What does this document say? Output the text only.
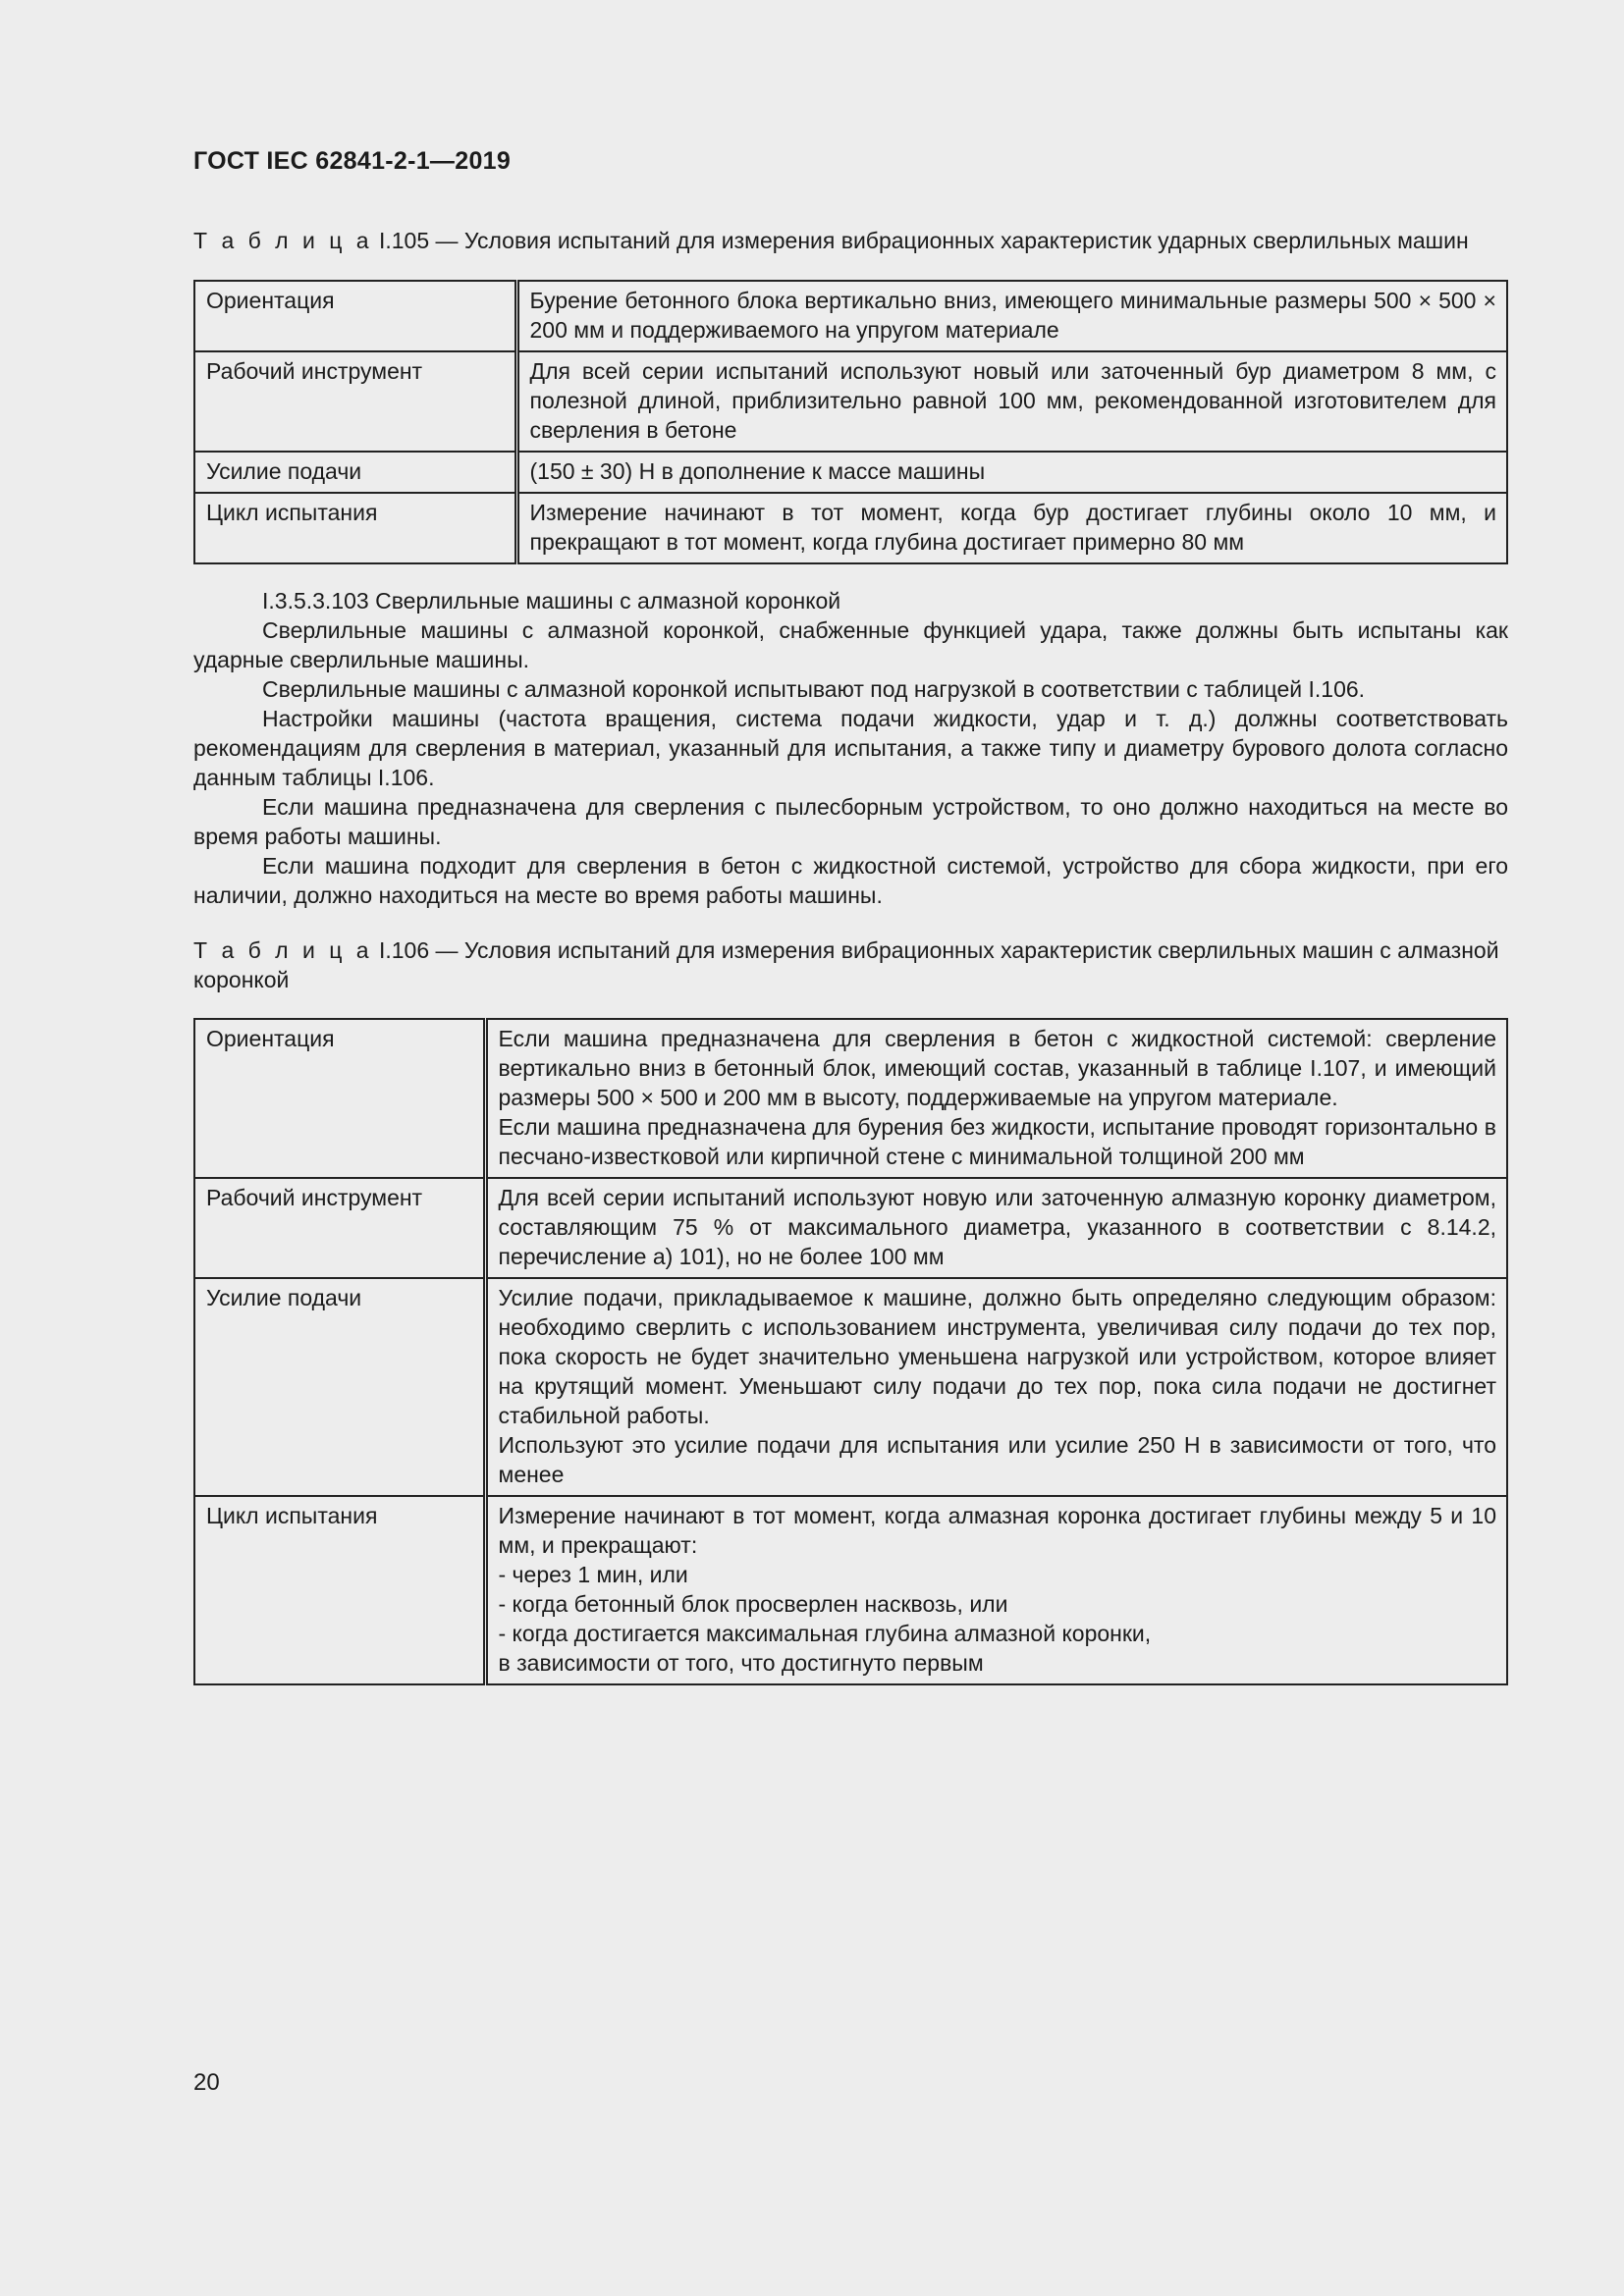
ГОСТ IEC 62841-2-1—2019
Т а б л и ц а I.105 — Условия испытаний для измерения вибрационных характеристик ударных сверлильных машин
Ориентация	Бурение бетонного блока вертикально вниз, имеющего минимальные размеры 500 × 500 × 200 мм и поддерживаемого на упругом материале
Рабочий инструмент	Для всей серии испытаний используют новый или заточенный бур диаметром 8 мм, с полезной длиной, приблизительно равной 100 мм, рекомендованной изготовителем для сверления в бетоне
Усилие подачи	(150 ± 30) Н в дополнение к массе машины
Цикл испытания	Измерение начинают в тот момент, когда бур достигает глубины около 10 мм, и прекращают в тот момент, когда глубина достигает примерно 80 мм

I.3.5.3.103 Сверлильные машины с алмазной коронкой

Сверлильные машины с алмазной коронкой, снабженные функцией удара, также должны быть испытаны как ударные сверлильные машины.

Сверлильные машины с алмазной коронкой испытывают под нагрузкой в соответствии с таблицей I.106.

Настройки машины (частота вращения, система подачи жидкости, удар и т. д.) должны соответствовать рекомендациям для сверления в материал, указанный для испытания, а также типу и диаметру бурового долота согласно данным таблицы I.106.

Если машина предназначена для сверления с пылесборным устройством, то оно должно находиться на месте во время работы машины.

Если машина подходит для сверления в бетон с жидкостной системой, устройство для сбора жидкости, при его наличии, должно находиться на месте во время работы машины.

Т а б л и ц а I.106 — Условия испытаний для измерения вибрационных характеристик сверлильных машин с алмазной коронкой
Ориентация	Если машина предназначена для сверления в бетон с жидкостной системой: сверление вертикально вниз в бетонный блок, имеющий состав, указанный в таблице I.107, и имеющий размеры 500 × 500 и 200 мм в высоту, поддерживаемые на упругом материале.
Если машина предназначена для бурения без жидкости, испытание проводят горизонтально в песчано-известковой или кирпичной стене с минимальной толщиной 200 мм

Рабочий инструмент	Для всей серии испытаний используют новую или заточенную алмазную коронку диаметром, составляющим 75 % от максимального диаметра, указанного в соответствии с 8.14.2, перечисление а) 101), но не более 100 мм

Усилие подачи	Усилие подачи, прикладываемое к машине, должно быть определяно следующим образом: необходимо сверлить с использованием инструмента, увеличивая силу подачи до тех пор, пока скорость не будет значительно уменьшена нагрузкой или устройством, которое влияет на крутящий момент. Уменьшают силу подачи до тех пор, пока сила подачи не достигнет стабильной работы.
Используют это усилие подачи для испытания или усилие 250 Н в зависимости от того, что менее

Цикл испытания	Измерение начинают в тот момент, когда алмазная коронка достигает глубины между 5 и 10 мм, и прекращают:
- через 1 мин, или
- когда бетонный блок просверлен насквозь, или
- когда достигается максимальная глубина алмазной коронки,
в зависимости от того, что достигнуто первым
20
